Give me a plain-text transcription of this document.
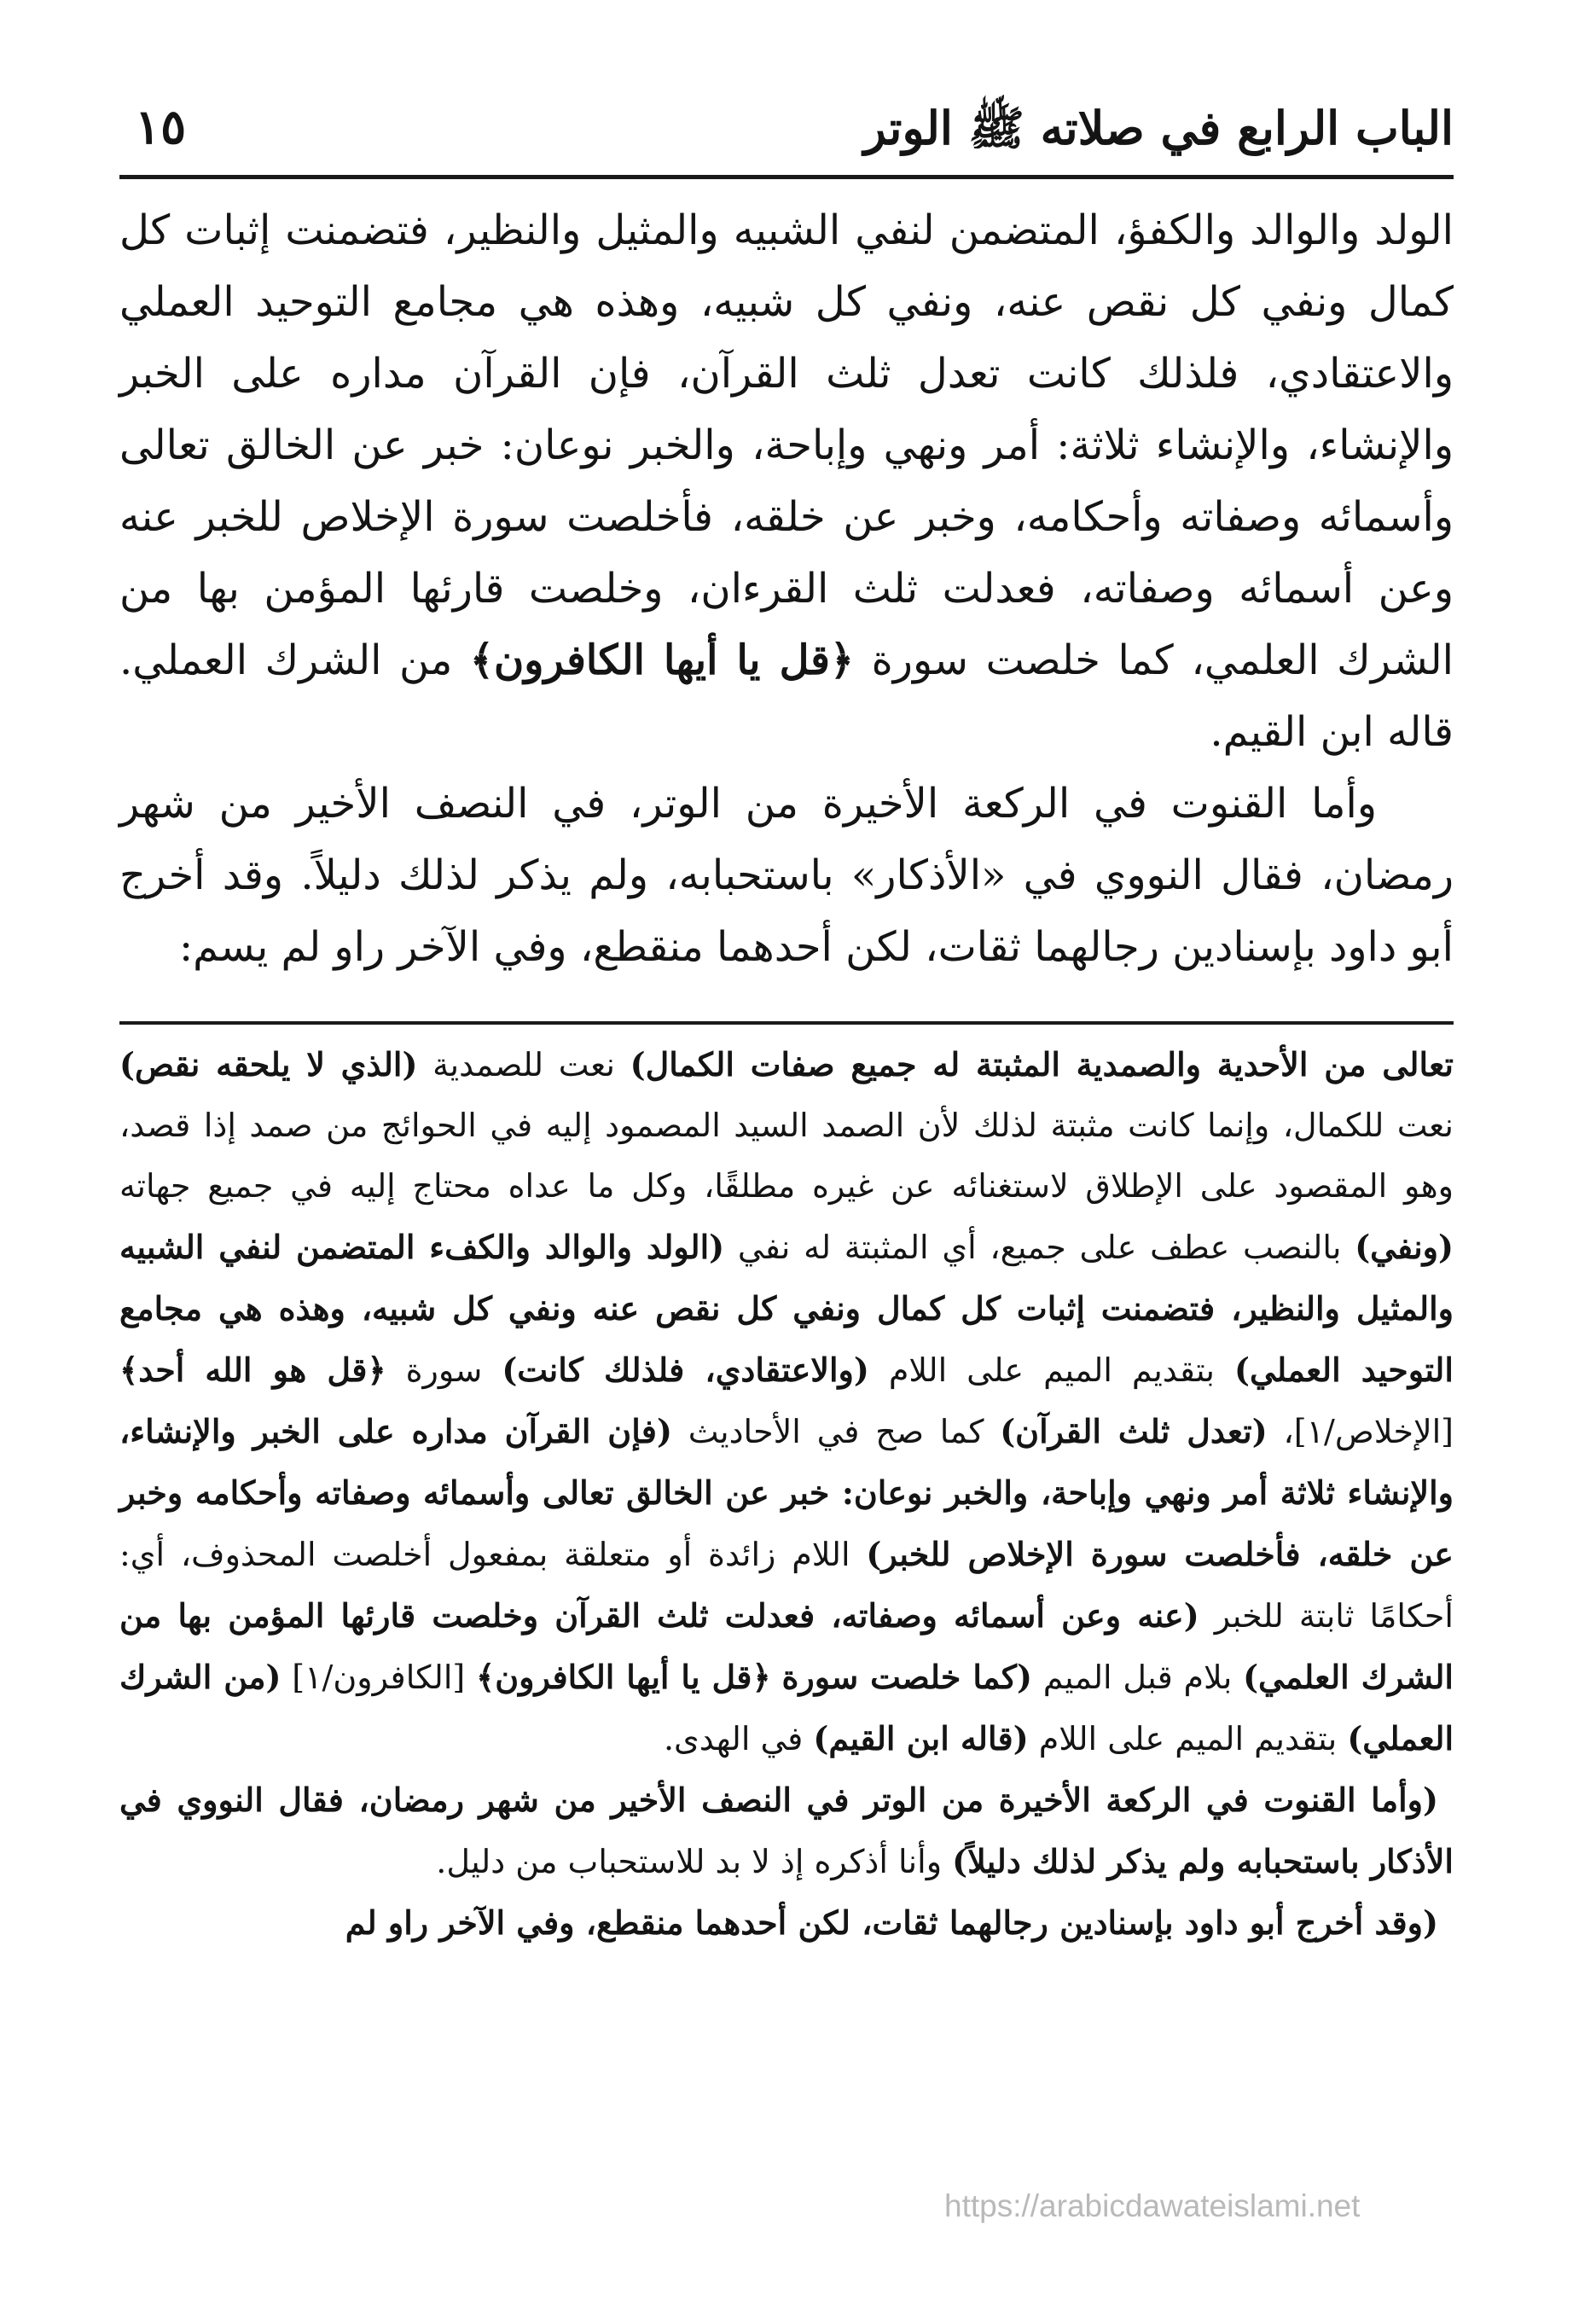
الباب الرابع في صلاته ﷺ الوتر
١٥

الولد والوالد والكفؤ، المتضمن لنفي الشبيه والمثيل والنظير، فتضمنت إثبات كل كمال ونفي كل نقص عنه، ونفي كل شبيه، وهذه هي مجامع التوحيد العملي والاعتقادي، فلذلك كانت تعدل ثلث القرآن، فإن القرآن مداره على الخبر والإنشاء، والإنشاء ثلاثة: أمر ونهي وإباحة، والخبر نوعان: خبر عن الخالق تعالى وأسمائه وصفاته وأحكامه، وخبر عن خلقه، فأخلصت سورة الإخلاص للخبر عنه وعن أسمائه وصفاته، فعدلت ثلث القرءان، وخلصت قارئها المؤمن بها من الشرك العلمي، كما خلصت سورة ﴿قل يا أيها الكافرون﴾ من الشرك العملي. قاله ابن القيم.

وأما القنوت في الركعة الأخيرة من الوتر، في النصف الأخير من شهر رمضان، فقال النووي في «الأذكار» باستحبابه، ولم يذكر لذلك دليلاً. وقد أخرج أبو داود بإسنادين رجالهما ثقات، لكن أحدهما منقطع، وفي الآخر راو لم يسم:

تعالى من الأحدية والصمدية المثبتة له جميع صفات الكمال) نعت للصمدية (الذي لا يلحقه نقص) نعت للكمال، وإنما كانت مثبتة لذلك لأن الصمد السيد المصمود إليه في الحوائج من صمد إذا قصد، وهو المقصود على الإطلاق لاستغنائه عن غيره مطلقًا، وكل ما عداه محتاج إليه في جميع جهاته (ونفي) بالنصب عطف على جميع، أي المثبتة له نفي (الولد والوالد والكفء المتضمن لنفي الشبيه والمثيل والنظير، فتضمنت إثبات كل كمال ونفي كل نقص عنه ونفي كل شبيه، وهذه هي مجامع التوحيد العملي) بتقديم الميم على اللام (والاعتقادي، فلذلك كانت) سورة ﴿قل هو الله أحد﴾ [الإخلاص/١]، (تعدل ثلث القرآن) كما صح في الأحاديث (فإن القرآن مداره على الخبر والإنشاء، والإنشاء ثلاثة أمر ونهي وإباحة، والخبر نوعان: خبر عن الخالق تعالى وأسمائه وصفاته وأحكامه وخبر عن خلقه، فأخلصت سورة الإخلاص للخبر) اللام زائدة أو متعلقة بمفعول أخلصت المحذوف، أي: أحكامًا ثابتة للخبر (عنه وعن أسمائه وصفاته، فعدلت ثلث القرآن وخلصت قارئها المؤمن بها من الشرك العلمي) بلام قبل الميم (كما خلصت سورة ﴿قل يا أيها الكافرون﴾ [الكافرون/١] (من الشرك العملي) بتقديم الميم على اللام (قاله ابن القيم) في الهدى.

(وأما القنوت في الركعة الأخيرة من الوتر في النصف الأخير من شهر رمضان، فقال النووي في الأذكار باستحبابه ولم يذكر لذلك دليلاً) وأنا أذكره إذ لا بد للاستحباب من دليل.

(وقد أخرج أبو داود بإسنادين رجالهما ثقات، لكن أحدهما منقطع، وفي الآخر راو لم

https://arabicdawateislami.net
